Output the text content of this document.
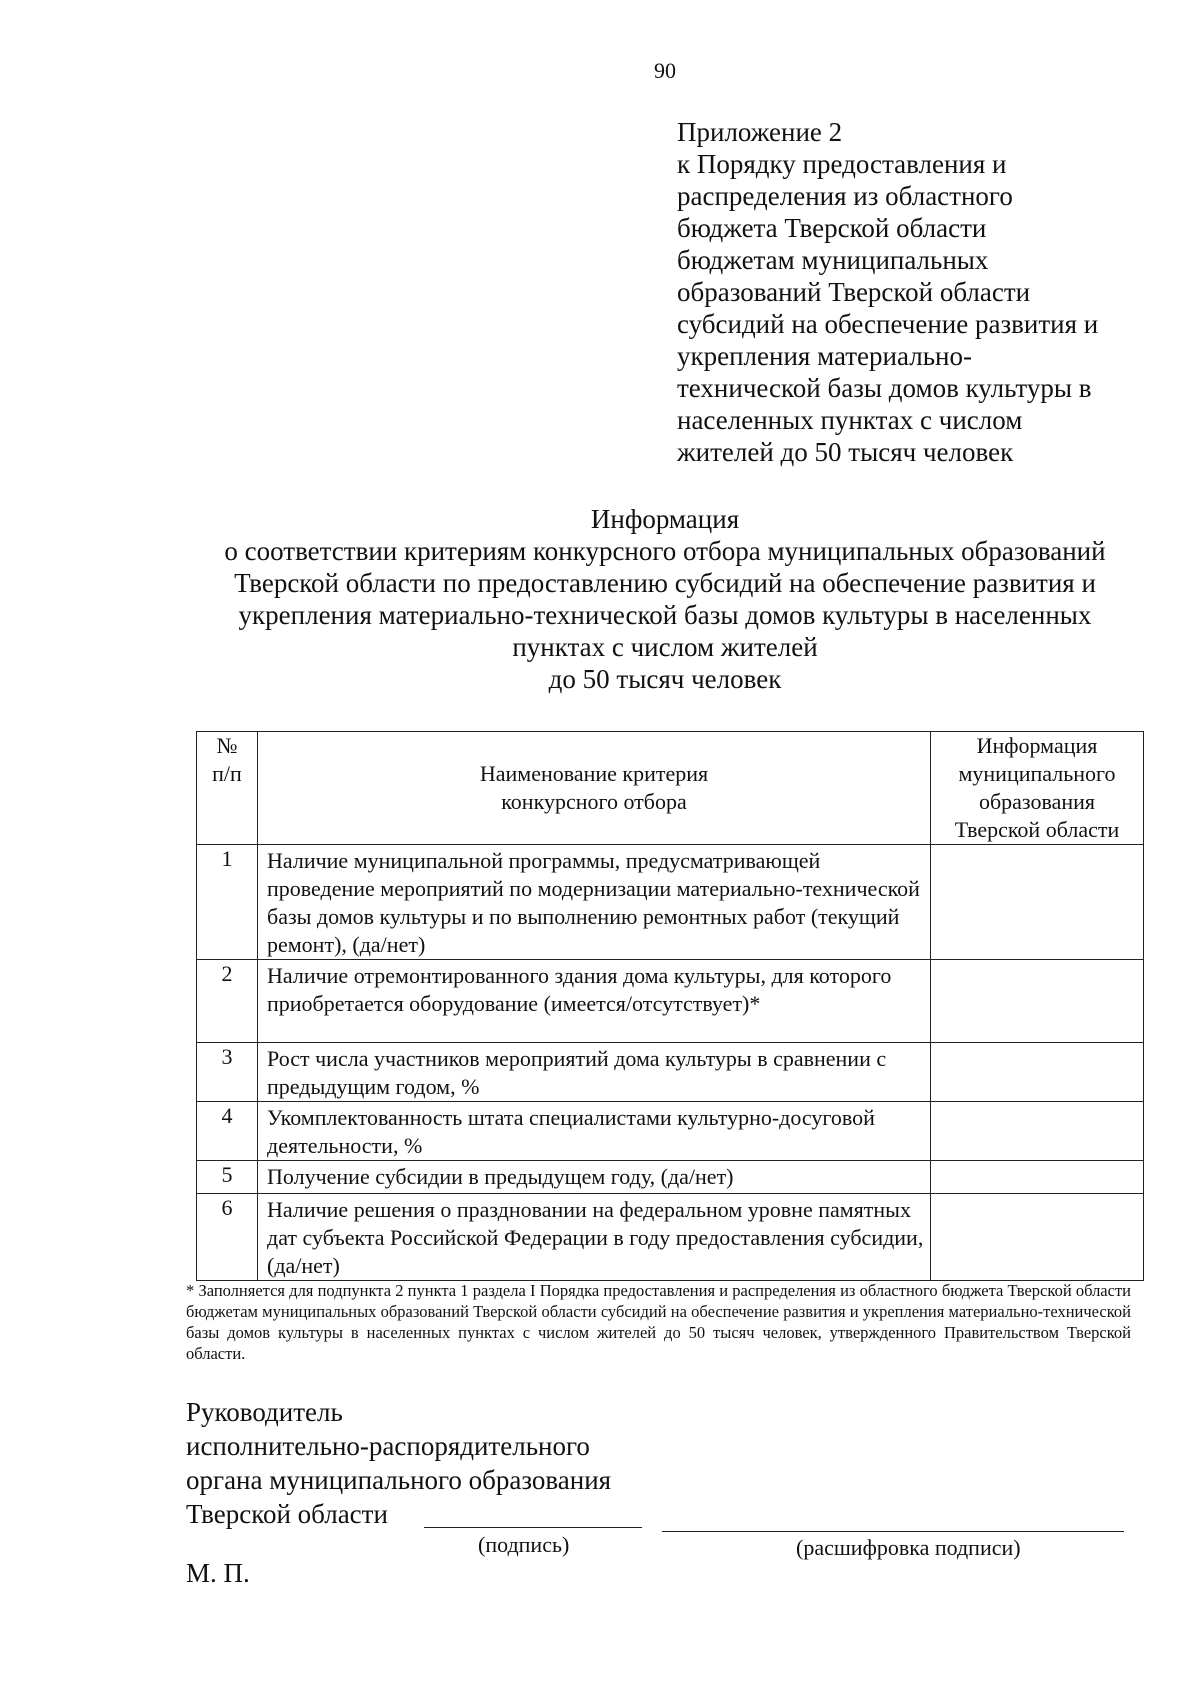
90
Приложение 2
к Порядку предоставления и
распределения из областного
бюджета Тверской области
бюджетам муниципальных
образований Тверской области
субсидий на обеспечение развития и
укрепления материально-
технической базы домов культуры в
населенных пунктах с числом
жителей до 50 тысяч человек
Информация
о соответствии критериям конкурсного отбора муниципальных образований
Тверской области по предоставлению субсидий на обеспечение развития и
укрепления материально-технической базы домов культуры в населенных
пунктах с числом жителей
до 50 тысяч человек
№ п/п	Наименование критерия конкурсного отбора	Информация муниципального образования Тверской области

1	Наличие муниципальной программы, предусматривающей проведение мероприятий по модернизации материально-технической базы домов культуры и по выполнению ремонтных работ (текущий ремонт), (да/нет)	
2	Наличие отремонтированного здания дома культуры, для которого приобретается оборудование (имеется/отсутствует)*	
3	Рост числа участников мероприятий дома культуры в сравнении с предыдущим годом, %	
4	Укомплектованность штата специалистами культурно-досуговой деятельности, %	
5	Получение субсидии в предыдущем году, (да/нет)	
6	Наличие решения о праздновании на федеральном уровне памятных дат субъекта Российской Федерации в году предоставления субсидии, (да/нет)	
* Заполняется для подпункта 2 пункта 1 раздела I Порядка предоставления и распределения из областного бюджета Тверской области бюджетам муниципальных образований Тверской области субсидий на обеспечение развития и укрепления материально-технической базы домов культуры в населенных пунктах с числом жителей до 50 тысяч человек, утвержденного Правительством Тверской области.
Руководитель
исполнительно-распорядительного
органа муниципального образования
Тверской области
(подпись)	(расшифровка подписи)
М. П.
